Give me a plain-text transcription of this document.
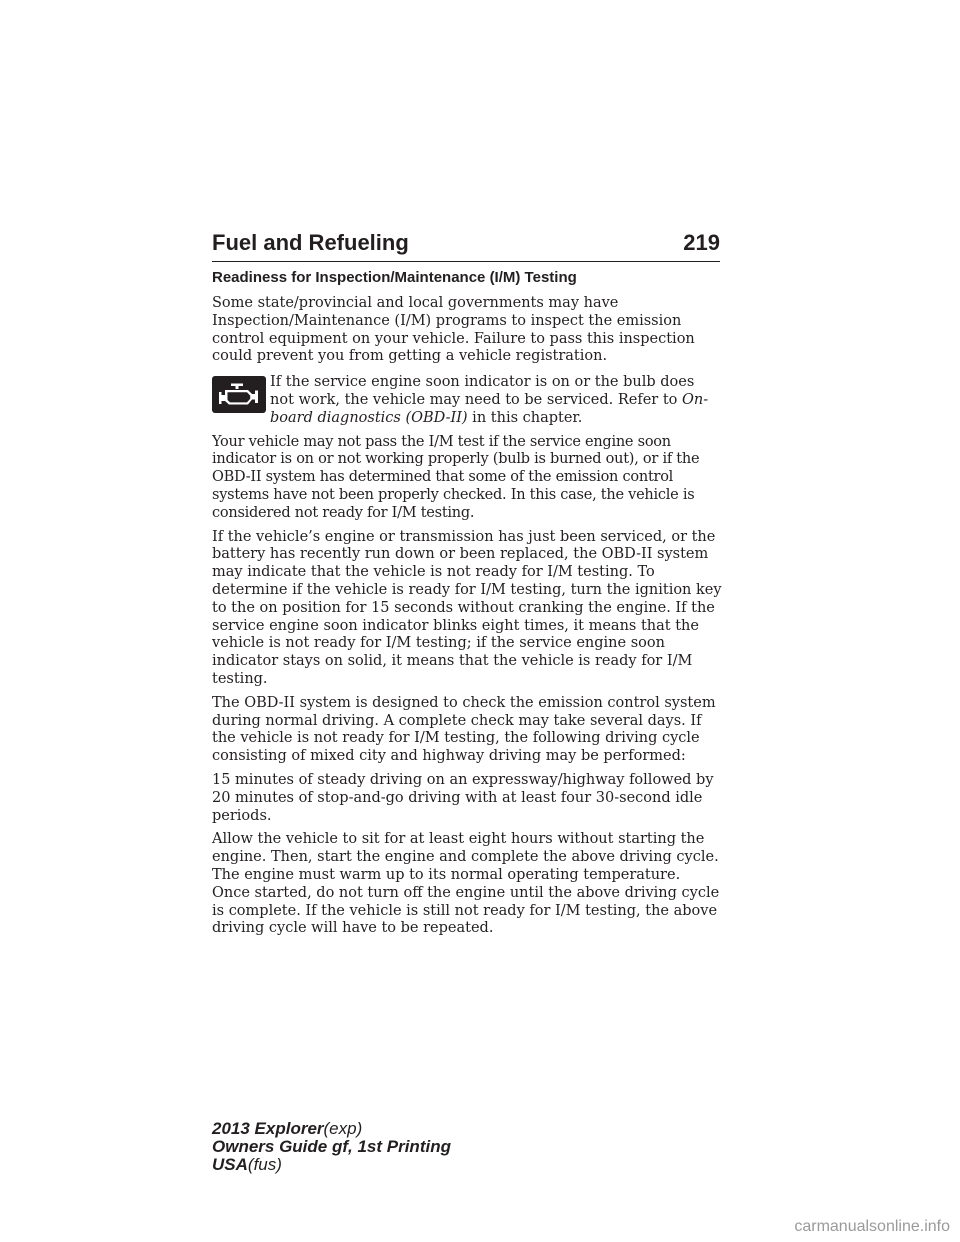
Fuel and Refueling	219
Readiness for Inspection/Maintenance (I/M) Testing

Some state/provincial and local governments may have Inspection/Maintenance (I/M) programs to inspect the emission control equipment on your vehicle. Failure to pass this inspection could prevent you from getting a vehicle registration.

If the service engine soon indicator is on or the bulb does not work, the vehicle may need to be serviced. Refer to On-board diagnostics (OBD-II) in this chapter.

Your vehicle may not pass the I/M test if the service engine soon indicator is on or not working properly (bulb is burned out), or if the OBD-II system has determined that some of the emission control systems have not been properly checked. In this case, the vehicle is considered not ready for I/M testing.

If the vehicle’s engine or transmission has just been serviced, or the battery has recently run down or been replaced, the OBD-II system may indicate that the vehicle is not ready for I/M testing. To determine if the vehicle is ready for I/M testing, turn the ignition key to the on position for 15 seconds without cranking the engine. If the service engine soon indicator blinks eight times, it means that the vehicle is not ready for I/M testing; if the service engine soon indicator stays on solid, it means that the vehicle is ready for I/M testing.

The OBD-II system is designed to check the emission control system during normal driving. A complete check may take several days. If the vehicle is not ready for I/M testing, the following driving cycle consisting of mixed city and highway driving may be performed:

15 minutes of steady driving on an expressway/highway followed by 20 minutes of stop-and-go driving with at least four 30-second idle periods.

Allow the vehicle to sit for at least eight hours without starting the engine. Then, start the engine and complete the above driving cycle. The engine must warm up to its normal operating temperature. Once started, do not turn off the engine until the above driving cycle is complete. If the vehicle is still not ready for I/M testing, the above driving cycle will have to be repeated.

2013 Explorer(exp)
Owners Guide gf, 1st Printing
USA(fus)
carmanualsonline.info
